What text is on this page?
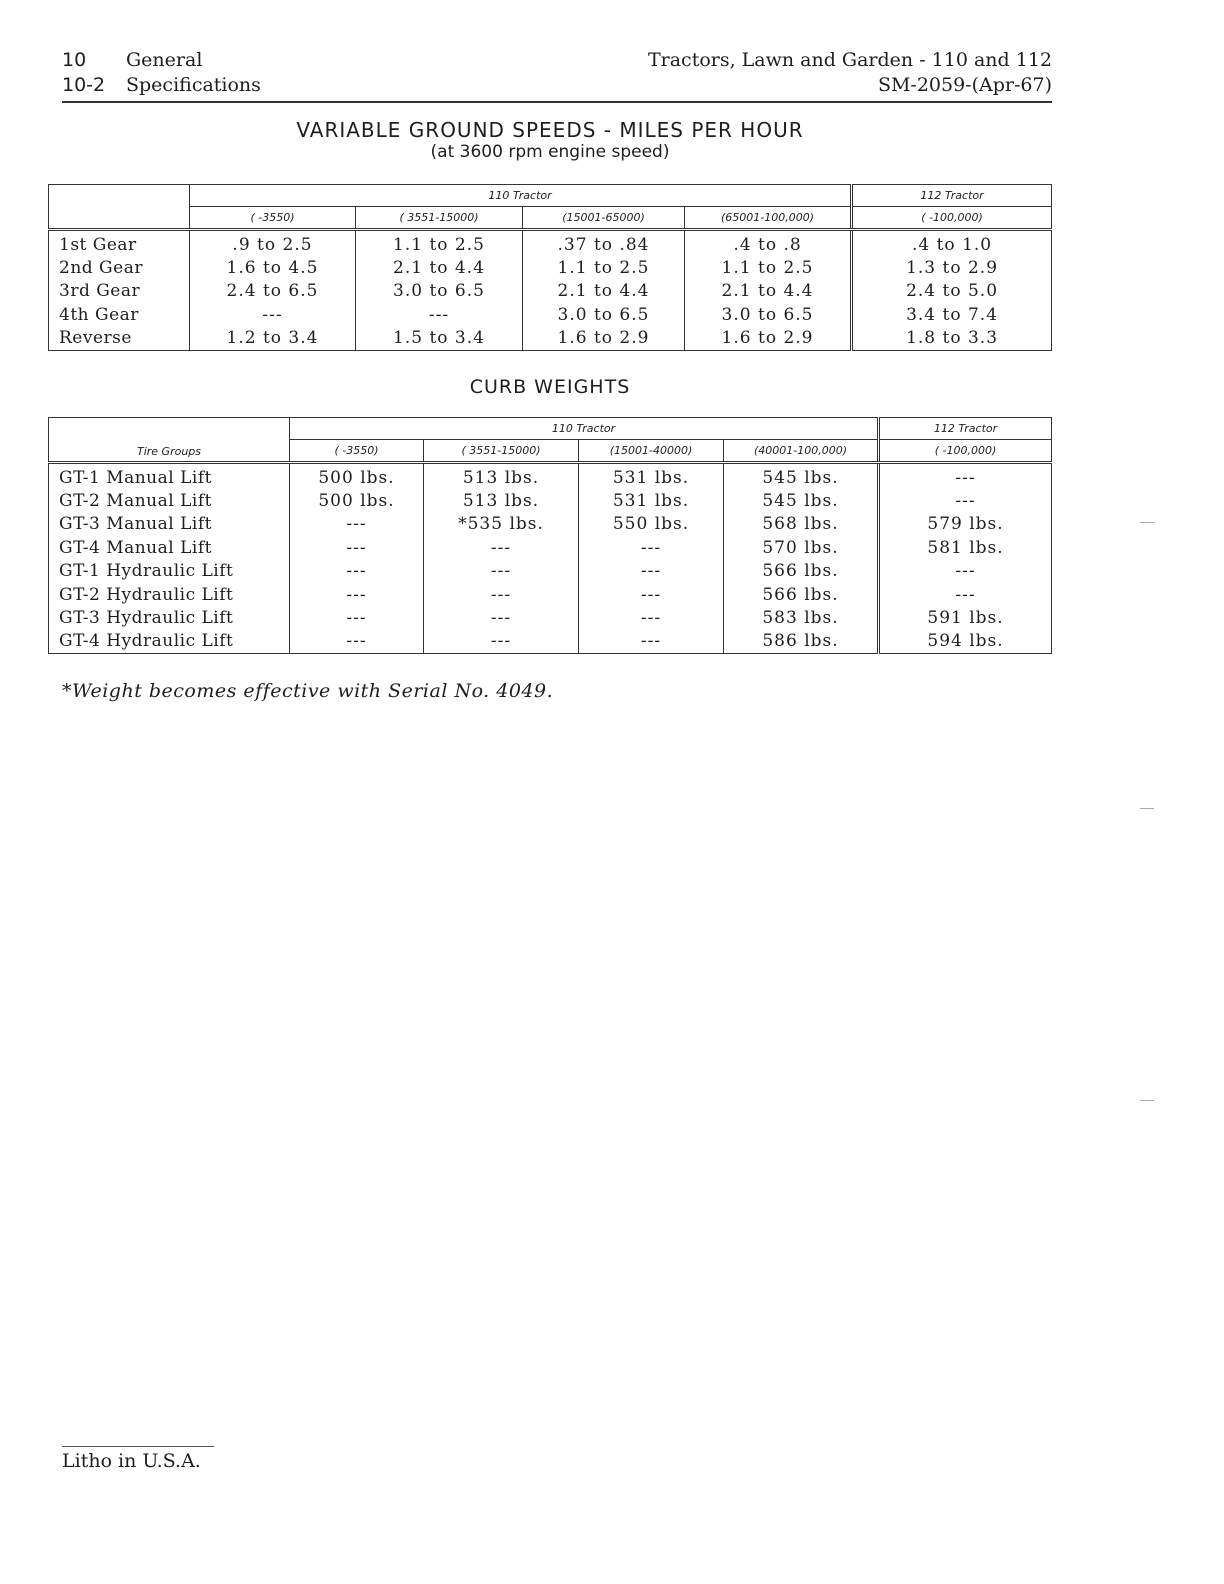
10 General
10-2 Specifications
Tractors, Lawn and Garden - 110 and 112
SM-2059-(Apr-67)
VARIABLE GROUND SPEEDS - MILES PER HOUR
(at 3600 rpm engine speed)
	110 Tractor				112 Tractor
	( -3550)	( 3551-15000)	(15001-65000)	(65001-100,000)	( -100,000)
1st Gear	.9 to 2.5	1.1 to 2.5	.37 to .84	.4 to .8	.4 to 1.0
2nd Gear	1.6 to 4.5	2.1 to 4.4	1.1 to 2.5	1.1 to 2.5	1.3 to 2.9
3rd Gear	2.4 to 6.5	3.0 to 6.5	2.1 to 4.4	2.1 to 4.4	2.4 to 5.0
4th Gear	---	---	3.0 to 6.5	3.0 to 6.5	3.4 to 7.4
Reverse	1.2 to 3.4	1.5 to 3.4	1.6 to 2.9	1.6 to 2.9	1.8 to 3.3
CURB WEIGHTS
Tire Groups	110 Tractor				112 Tractor
	( -3550)	( 3551-15000)	(15001-40000)	(40001-100,000)	( -100,000)
GT-1 Manual Lift	500 lbs.	513 lbs.	531 lbs.	545 lbs.	---
GT-2 Manual Lift	500 lbs.	513 lbs.	531 lbs.	545 lbs.	---
GT-3 Manual Lift	---	*535 lbs.	550 lbs.	568 lbs.	579 lbs.
GT-4 Manual Lift	---	---	---	570 lbs.	581 lbs.
GT-1 Hydraulic Lift	---	---	---	566 lbs.	---
GT-2 Hydraulic Lift	---	---	---	566 lbs.	---
GT-3 Hydraulic Lift	---	---	---	583 lbs.	591 lbs.
GT-4 Hydraulic Lift	---	---	---	586 lbs.	594 lbs.
*Weight becomes effective with Serial No. 4049.
Litho in U.S.A.
